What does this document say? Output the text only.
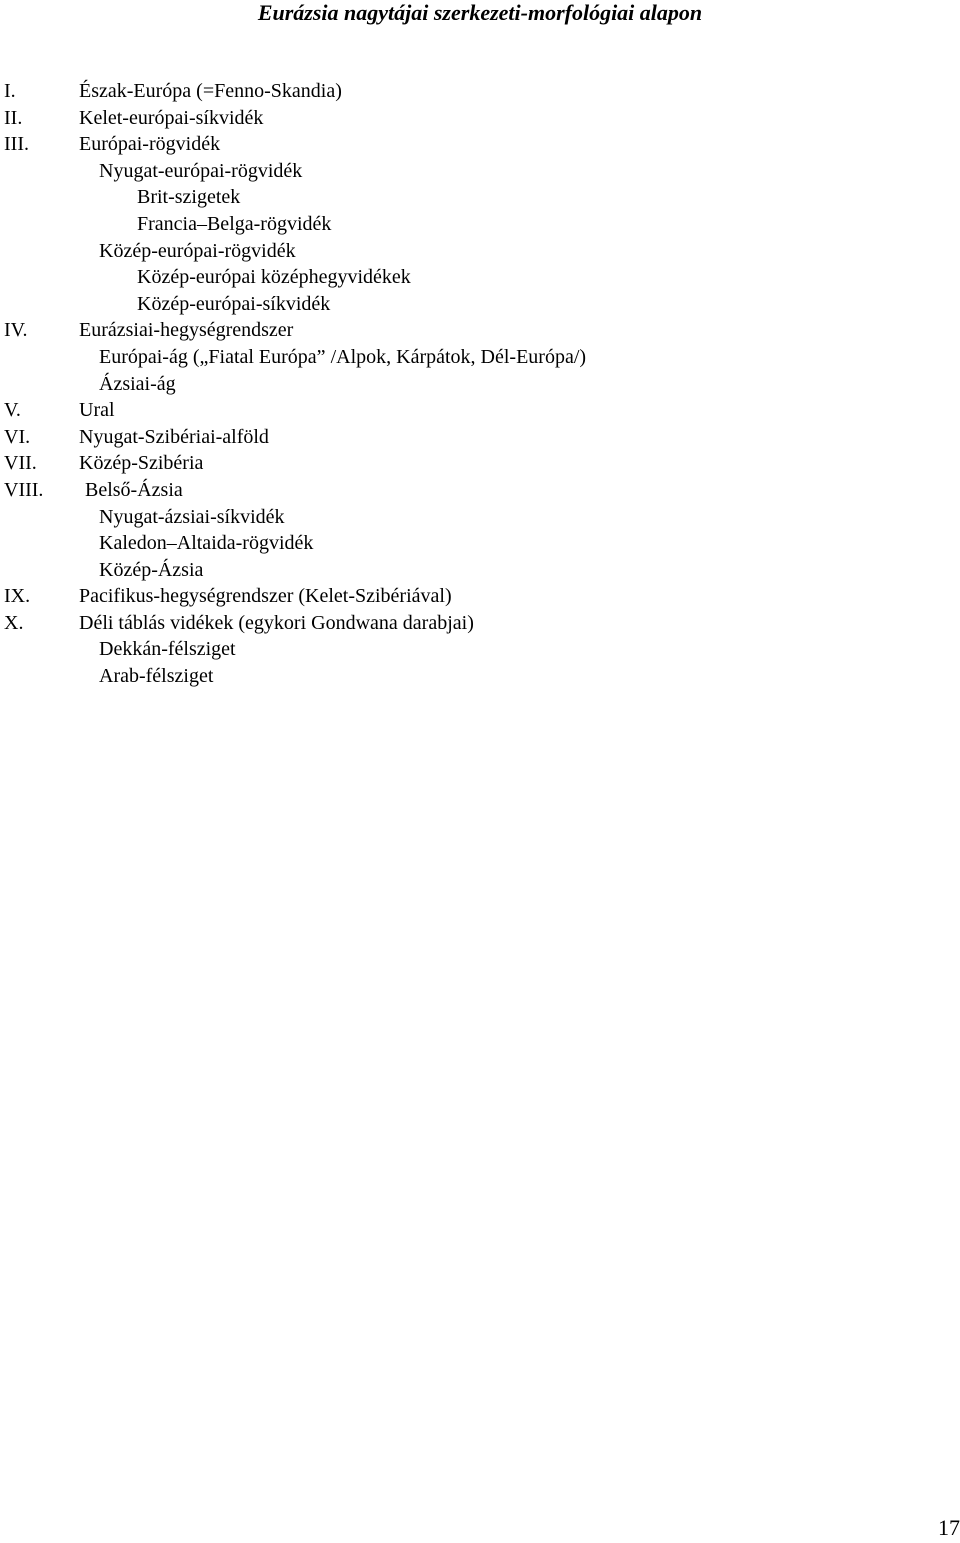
Eurázsia nagytájai szerkezeti-morfológiai alapon
I.	Észak-Európa (=Fenno-Skandia)
II.	Kelet-európai-síkvidék
III.	Európai-rögvidék
Nyugat-európai-rögvidék
Brit-szigetek
Francia–Belga-rögvidék
Közép-európai-rögvidék
Közép-európai középhegyvidékek
Közép-európai-síkvidék
IV.	Eurázsiai-hegységrendszer
Európai-ág („Fiatal Európa” /Alpok, Kárpátok, Dél-Európa/)
Ázsiai-ág
V.	Ural
VI. Nyugat-Szibériai-alföld
VII. Közép-Szibéria
VIII. Belső-Ázsia
Nyugat-ázsiai-síkvidék
Kaledon–Altaida-rögvidék
Közép-Ázsia
IX. Pacifikus-hegységrendszer (Kelet-Szibériával)
X.	Déli táblás vidékek (egykori Gondwana darabjai)
Dekkán-félsziget
Arab-félsziget
17
